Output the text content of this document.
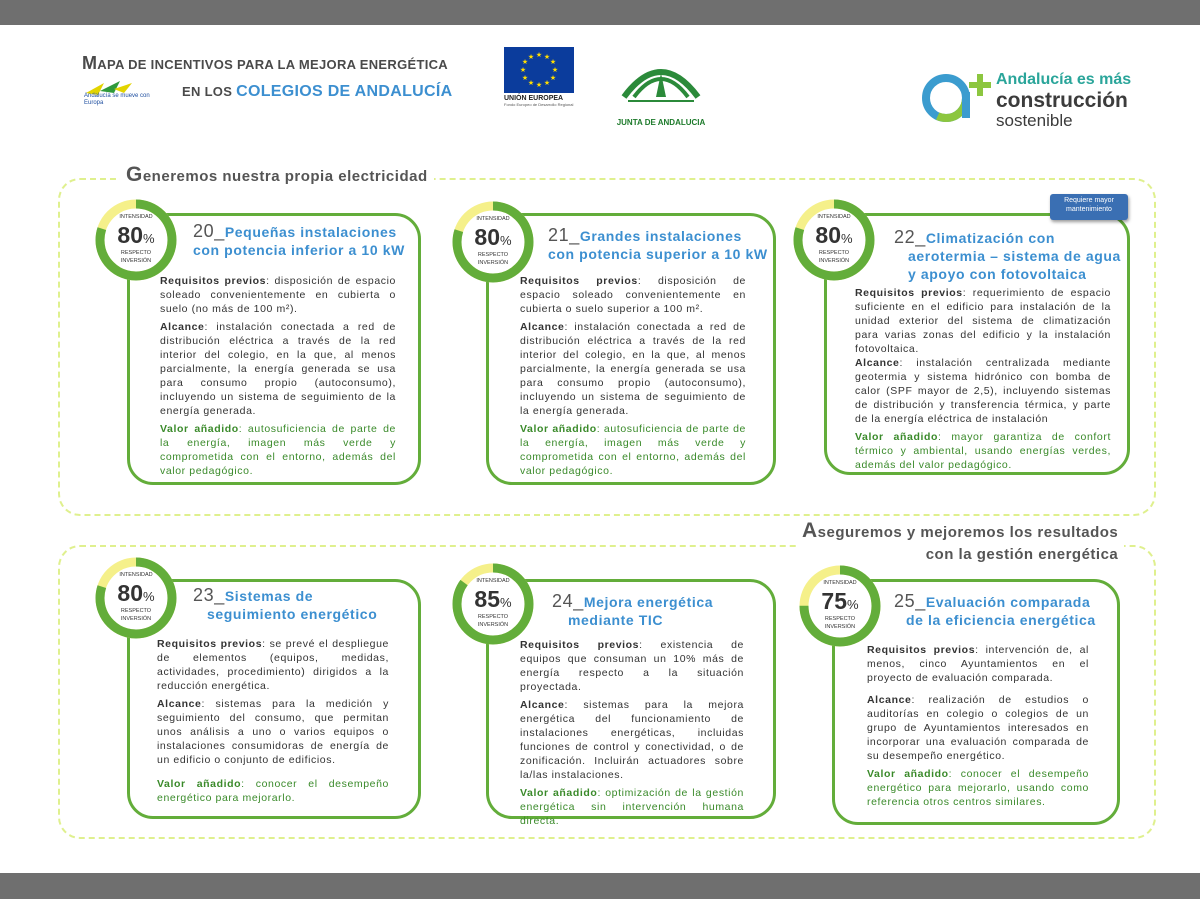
MAPA DE INCENTIVOS PARA LA MEJORA ENERGÉTICA
Andalucía se mueve con Europa
EN LOS COLEGIOS DE ANDALUCÍA
★ ★
★
★
★
★
★
★
★
★
★
★
UNIÓN EUROPEA
Fondo Europeo de Desarrollo Regional
JUNTA DE ANDALUCIA
Andalucía es más
construcción
sostenible
Generemos nuestra propia electricidad
Aseguremos y mejoremos los resultados
con la gestión energética
INTENSIDAD
80%
RESPECTO
INVERSIÓN
20_Pequeñas instalaciones
con potencia inferior a 10 kW

Requisitos previos: disposición de espacio soleado convenientemente en cubierta o suelo (no más de 100 m²).

Alcance: instalación conectada a red de distribución eléctrica a través de la red interior del colegio, en la que, al menos parcialmente, la energía generada se usa para consumo propio (autoconsumo), incluyendo un sistema de seguimiento de la energía generada.

Valor añadido: autosuficiencia de parte de la energía, imagen más verde y comprometida con el entorno, además del valor pedagógico.

INTENSIDAD
80%
RESPECTO
INVERSIÓN
21_Grandes instalaciones
con potencia superior a 10 kW

Requisitos previos: disposición de espacio soleado convenientemente en cubierta o suelo superior a 100 m².

Alcance: instalación conectada a red de distribución eléctrica a través de la red interior del colegio, en la que, al menos parcialmente, la energía generada se usa para consumo propio (autoconsumo), incluyendo un sistema de seguimiento de la energía generada.

Valor añadido: autosuficiencia de parte de la energía, imagen más verde y comprometida con el entorno, además del valor pedagógico.

Requiere mayor mantenimiento
INTENSIDAD
80%
RESPECTO
INVERSIÓN
22_Climatización con
aerotermia – sistema de agua
y apoyo con fotovoltaica

Requisitos previos: requerimiento de espacio suficiente en el edificio para instalación de la unidad exterior del sistema de climatización para varias zonas del edificio y la instalación fotovoltaica.

Alcance: instalación centralizada mediante geotermia y sistema hidrónico con bomba de calor (SPF mayor de 2,5), incluyendo sistemas de distribución y transferencia térmica, y parte de la energía eléctrica de instalación

Valor añadido: mayor garantiza de confort térmico y ambiental, usando energías verdes, además del valor pedagógico.

INTENSIDAD
80%
RESPECTO
INVERSIÓN
23_Sistemas de
seguimiento energético

Requisitos previos: se prevé el despliegue de elementos (equipos, medidas, actividades, procedimiento) dirigidos a la reducción energética.

Alcance: sistemas para la medición y seguimiento del consumo, que permitan unos análisis a uno o varios equipos o instalaciones consumidoras de energía de un edificio o conjunto de edificios.

Valor añadido: conocer el desempeño energético para mejorarlo.

INTENSIDAD
85%
RESPECTO
INVERSIÓN
24_Mejora energética
mediante TIC

Requisitos previos: existencia de equipos que consuman un 10% más de energía respecto a la situación proyectada.

Alcance: sistemas para la mejora energética del funcionamiento de instalaciones energéticas, incluidas funciones de control y conectividad, o de zonificación. Incluirán actuadores sobre la/las instalaciones.

Valor añadido: optimización de la gestión energética sin intervención humana directa.

INTENSIDAD
75%
RESPECTO
INVERSIÓN
25_Evaluación comparada
de la eficiencia energética

Requisitos previos: intervención de, al menos, cinco Ayuntamientos en el proyecto de evaluación comparada.

Alcance: realización de estudios o auditorías en colegio o colegios de un grupo de Ayuntamientos interesados en incorporar una evaluación comparada de su desempeño energético.

Valor añadido: conocer el desempeño energético para mejorarlo, usando como referencia otros centros similares.
